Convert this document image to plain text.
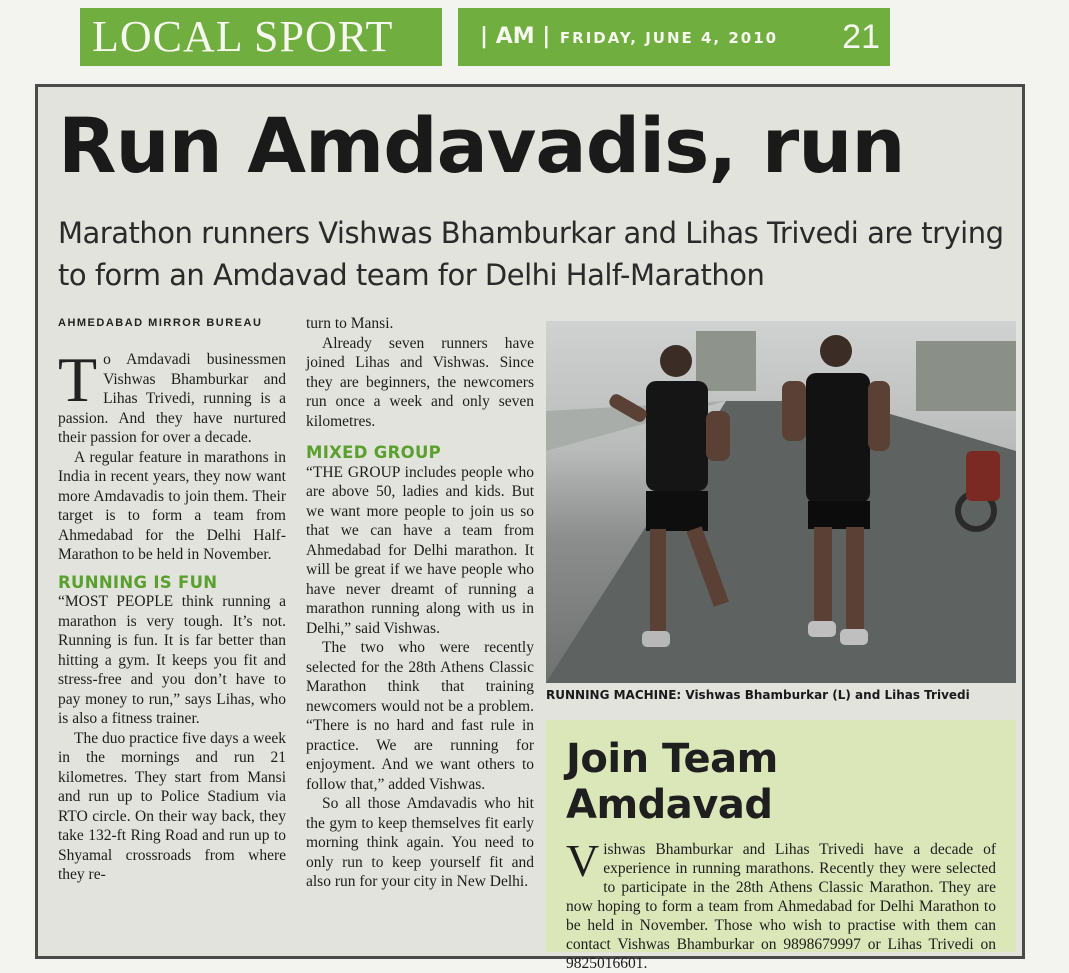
LOCAL SPORT	| AM | FRIDAY, JUNE 4, 2010 21
Run Amdavadis, run
Marathon runners Vishwas Bhamburkar and Lihas Trivedi are trying to form an Amdavad team for Delhi Half-Marathon
AHMEDABAD MIRROR BUREAU
T o Amdavadi businessmen Vishwas Bhamburkar and Lihas Trivedi, running is a passion. And they have nurtured their passion for over a decade.

A regular feature in marathons in India in recent years, they now want more Amdavadis to join them. Their target is to form a team from Ahmedabad for the Delhi Half-Marathon to be held in November.

RUNNING IS FUN

“MOST PEOPLE think running a marathon is very tough. It’s not. Running is fun. It is far better than hitting a gym. It keeps you fit and stress-free and you don’t have to pay money to run,” says Lihas, who is also a fitness trainer.

The duo practice five days a week in the mornings and run 21 kilometres. They start from Mansi and run up to Police Stadium via RTO circle. On their way back, they take 132-ft Ring Road and run up to Shyamal crossroads from where they re-

turn to Mansi.

Already seven runners have joined Lihas and Vishwas. Since they are beginners, the newcomers run once a week and only seven kilometres.

MIXED GROUP

“THE GROUP includes people who are above 50, ladies and kids. But we want more people to join us so that we can have a team from Ahmedabad for Delhi marathon. It will be great if we have people who have never dreamt of running a marathon running along with us in Delhi,” said Vishwas.

The two who were recently selected for the 28th Athens Classic Marathon think that training newcomers would not be a problem. “There is no hard and fast rule in practice. We are running for enjoyment. And we want others to follow that,” added Vishwas.

So all those Amdavadis who hit the gym to keep themselves fit early morning think again. You need to only run to keep yourself fit and also run for your city in New Delhi.

RUNNING MACHINE: Vishwas Bhamburkar (L) and Lihas Trivedi
Join Team Amdavad
V ishwas Bhamburkar and Lihas Trivedi have a decade of experience in running marathons. Recently they were selected to participate in the 28th Athens Classic Marathon. They are now hoping to form a team from Ahmedabad for Delhi Marathon to be held in November. Those who wish to practise with them can contact Vishwas Bhamburkar on 9898679997 or Lihas Trivedi on 9825016601.
